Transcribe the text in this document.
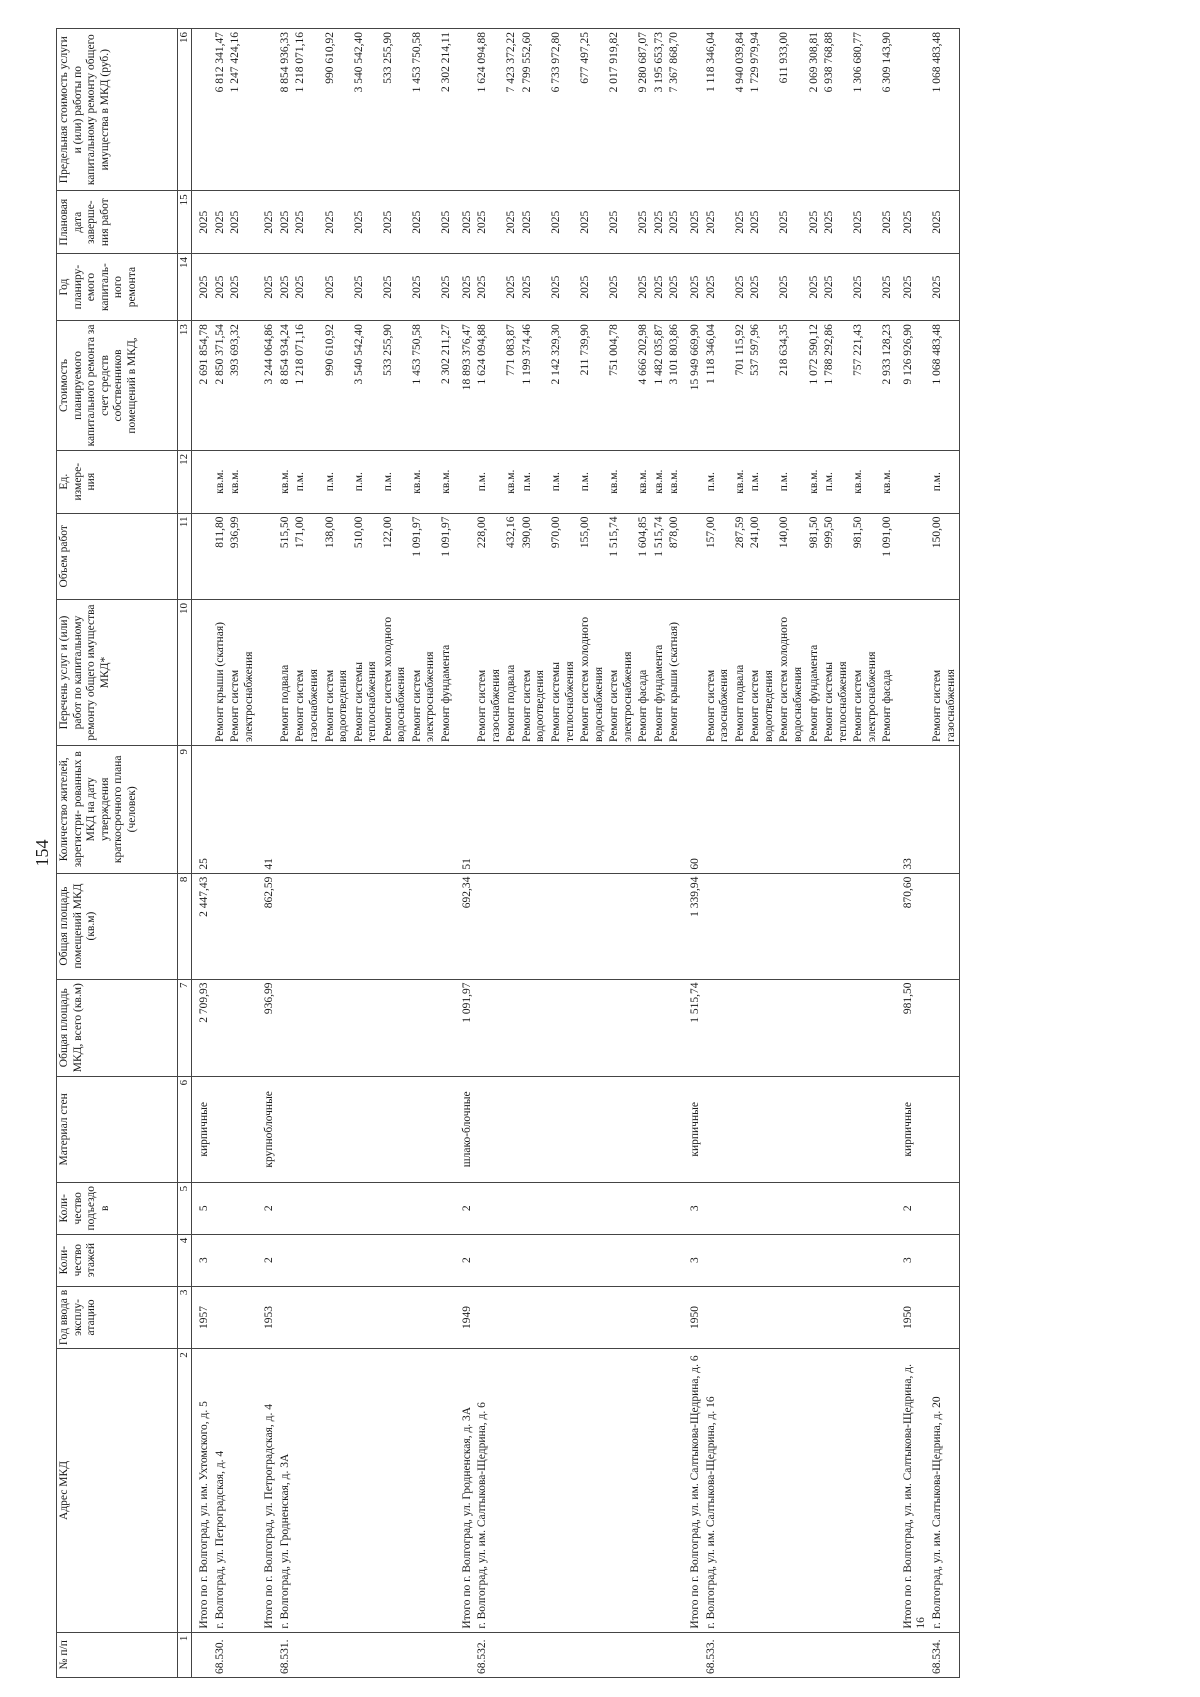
154
№ п/п	Адрес МКД	Год ввода в эксплу- атацию	Коли- чество этажей	Коли- чество подъездо в	Материал стен	Общая площадь МКД, всего (кв.м)	Общая площадь помещений МКД (кв.м)	Количество жителей, зарегистри- рованных в МКД на дату утверждения краткосрочного плана (человек)	Перечень услуг и (или) работ по капитальному ремонту общего имущества МКД*	Объем работ	Ед. измере- ния	Стоимость планируемого капитального ремонта за счет средств собственников помещений в МКД,	Год планиру- емого капиталь- ного ремонта	Плановая дата заверше- ния работ	Предельная стоимость услуги и (или) работы по капитальному ремонту общего имущества в МКД (руб.)
1	2	3	4	5	6	7	8	9	10	11	12	13	14	15	16
	Итого по г. Волгоград, ул. им. Ухтомского, д. 5	1957	3	5	кирпичные	2 709,93	2 447,43	25				2 691 854,78	2025	2025	
68.530.	г. Волгоград, ул. Петроградская, д. 4								Ремонт крыши (скатная)	811,80	кв.м.	2 850 371,54	2025	2025	6 812 341,47
									Ремонт систем электроснабжения	936,99	кв.м.	393 693,32	2025	2025	1 247 424,16
	Итого по г. Волгоград, ул. Петроградская, д. 4	1953	2	2	крупноблочные	936,99	862,59	41				3 244 064,86	2025	2025	
68.531.	г. Волгоград, ул. Гродненская, д. 3А								Ремонт подвала	515,50	кв.м.	8 854 934,24	2025	2025	8 854 936,33
									Ремонт систем газоснабжения	171,00	п.м.	1 218 071,16	2025	2025	1 218 071,16
									Ремонт систем водоотведения	138,00	п.м.	990 610,92	2025	2025	990 610,92
									Ремонт системы теплоснабжения	510,00	п.м.	3 540 542,40	2025	2025	3 540 542,40
									Ремонт систем холодного водоснабжения	122,00	п.м.	533 255,90	2025	2025	533 255,90
									Ремонт систем электроснабжения	1 091,97	кв.м.	1 453 750,58	2025	2025	1 453 750,58
									Ремонт фундамента	1 091,97	кв.м.	2 302 211,27	2025	2025	2 302 214,11
	Итого по г. Волгоград, ул. Гродненская, д. 3А	1949	2	2	шлако-блочные	1 091,97	692,34	51				18 893 376,47	2025	2025	
68.532.	г. Волгоград, ул. им. Салтыкова-Щедрина, д. 6								Ремонт систем газоснабжения	228,00	п.м.	1 624 094,88	2025	2025	1 624 094,88
									Ремонт подвала	432,16	кв.м.	771 083,87	2025	2025	7 423 372,22
									Ремонт систем водоотведения	390,00	п.м.	1 199 374,46	2025	2025	2 799 552,60
									Ремонт системы теплоснабжения	970,00	п.м.	2 142 329,30	2025	2025	6 733 972,80
									Ремонт систем холодного водоснабжения	155,00	п.м.	211 739,90	2025	2025	677 497,25
									Ремонт систем электроснабжения	1 515,74	кв.м.	751 004,78	2025	2025	2 017 919,82
									Ремонт фасада	1 604,85	кв.м.	4 666 202,98	2025	2025	9 280 687,07
									Ремонт фундамента	1 515,74	кв.м.	1 482 035,87	2025	2025	3 195 653,73
									Ремонт крыши (скатная)	878,00	кв.м.	3 101 803,86	2025	2025	7 367 868,70
	Итого по г. Волгоград, ул. им. Салтыкова-Щедрина, д. 6	1950	3	3	кирпичные	1 515,74	1 339,94	60				15 949 669,90	2025	2025	
68.533.	г. Волгоград, ул. им. Салтыкова-Щедрина, д. 16								Ремонт систем газоснабжения	157,00	п.м.	1 118 346,04	2025	2025	1 118 346,04
									Ремонт подвала	287,59	кв.м.	701 115,92	2025	2025	4 940 039,84
									Ремонт систем водоотведения	241,00	п.м.	537 597,96	2025	2025	1 729 979,94
									Ремонт систем холодного водоснабжения	140,00	п.м.	218 634,35	2025	2025	611 933,00
									Ремонт фундамента	981,50	кв.м.	1 072 590,12	2025	2025	2 069 308,81
									Ремонт системы теплоснабжения	999,50	п.м.	1 788 292,86	2025	2025	6 938 768,88
									Ремонт систем электроснабжения	981,50	кв.м.	757 221,43	2025	2025	1 306 680,77
									Ремонт фасада	1 091,00	кв.м.	2 933 128,23	2025	2025	6 309 143,90
	Итого по г. Волгоград, ул. им. Салтыкова-Щедрина, д. 16	1950	3	2	кирпичные	981,50	870,60	33				9 126 926,90	2025	2025	
68.534.	г. Волгоград, ул. им. Салтыкова-Щедрина, д. 20								Ремонт систем газоснабжения	150,00	п.м.	1 068 483,48	2025	2025	1 068 483,48
